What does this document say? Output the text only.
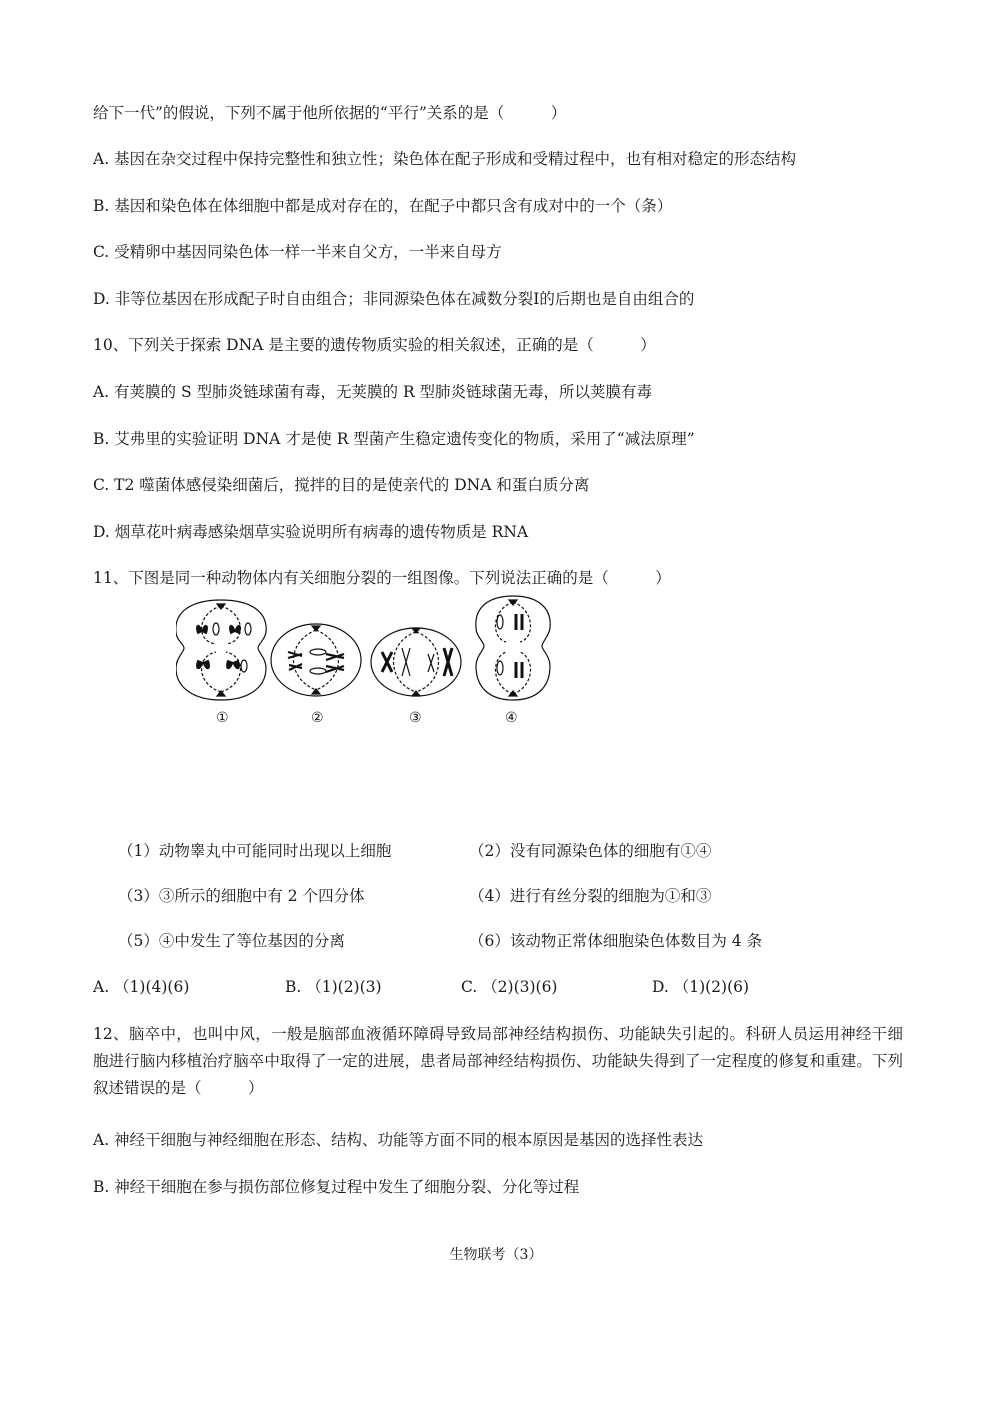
给下一代”的假说，下列不属于他所依据的“平行”关系的是（　　　）
A. 基因在杂交过程中保持完整性和独立性；染色体在配子形成和受精过程中，也有相对稳定的形态结构
B. 基因和染色体在体细胞中都是成对存在的，在配子中都只含有成对中的一个（条）
C. 受精卵中基因同染色体一样一半来自父方，一半来自母方
D. 非等位基因在形成配子时自由组合；非同源染色体在减数分裂Ⅰ的后期也是自由组合的
10、下列关于探索 DNA 是主要的遗传物质实验的相关叙述，正确的是（　　　）
A. 有荚膜的 S 型肺炎链球菌有毒，无荚膜的 R 型肺炎链球菌无毒，所以荚膜有毒
B. 艾弗里的实验证明 DNA 才是使 R 型菌产生稳定遗传变化的物质，采用了“减法原理”
C. T2 噬菌体感侵染细菌后，搅拌的目的是使亲代的 DNA 和蛋白质分离
D. 烟草花叶病毒感染烟草实验说明所有病毒的遗传物质是 RNA
11、下图是同一种动物体内有关细胞分裂的一组图像。下列说法正确的是（　　　）
①	②	③	④
（1）动物睾丸中可能同时出现以上细胞	（2）没有同源染色体的细胞有①④
（3）③所示的细胞中有 2 个四分体	（4）进行有丝分裂的细胞为①和③
（5）④中发生了等位基因的分离	（6）该动物正常体细胞染色体数目为 4 条
A. （1)(4)(6)	B. （1)(2)(3)	C. （2)(3)(6)	D. （1)(2)(6)
12、脑卒中，也叫中风，一般是脑部血液循环障碍导致局部神经结构损伤、功能缺失引起的。科研人员运用神经干细胞进行脑内移植治疗脑卒中取得了一定的进展，患者局部神经结构损伤、功能缺失得到了一定程度的修复和重建。下列叙述错误的是（　　　）
A. 神经干细胞与神经细胞在形态、结构、功能等方面不同的根本原因是基因的选择性表达
B. 神经干细胞在参与损伤部位修复过程中发生了细胞分裂、分化等过程
生物联考（3）
